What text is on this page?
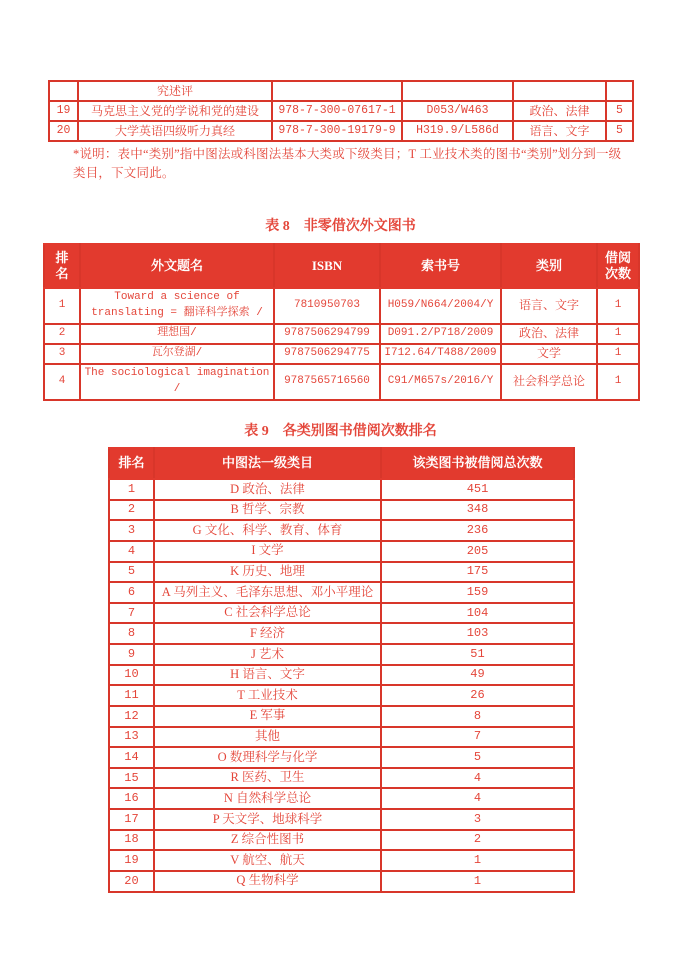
	究述评				
19	马克思主义党的学说和党的建设	978-7-300-07617-1	D053/W463	政治、法律	5
20	大学英语四级听力真经	978-7-300-19179-9	H319.9/L586d	语言、文字	5

*说明：表中“类别”指中图法或科图法基本大类或下级类目；T 工业技术类的图书“类别”划分到一级类目，下文同此。

表 8　非零借次外文图书
排名	外文题名	ISBN	索书号	类别	借阅次数
1	Toward a science of translating = 翻译科学探索 /	7810950703	H059/N664/2004/Y	语言、文字	1
2	理想国/	9787506294799	D091.2/P718/2009	政治、法律	1
3	瓦尔登湖/	9787506294775	I712.64/T488/2009	文学	1
4	The sociological imagination /	9787565716560	C91/M657s/2016/Y	社会科学总论	1
表 9　各类别图书借阅次数排名
排名	中图法一级类目	该类图书被借阅总次数
1	D 政治、法律	451
2	B 哲学、宗教	348
3	G 文化、科学、教育、体育	236
4	I 文学	205
5	K 历史、地理	175
6	A 马列主义、毛泽东思想、邓小平理论	159
7	C 社会科学总论	104
8	F 经济	103
9	J 艺术	51
10	H 语言、文字	49
11	T 工业技术	26
12	E 军事	8
13	其他	7
14	O 数理科学与化学	5
15	R 医药、卫生	4
16	N 自然科学总论	4
17	P 天文学、地球科学	3
18	Z 综合性图书	2
19	V 航空、航天	1
20	Q 生物科学	1
